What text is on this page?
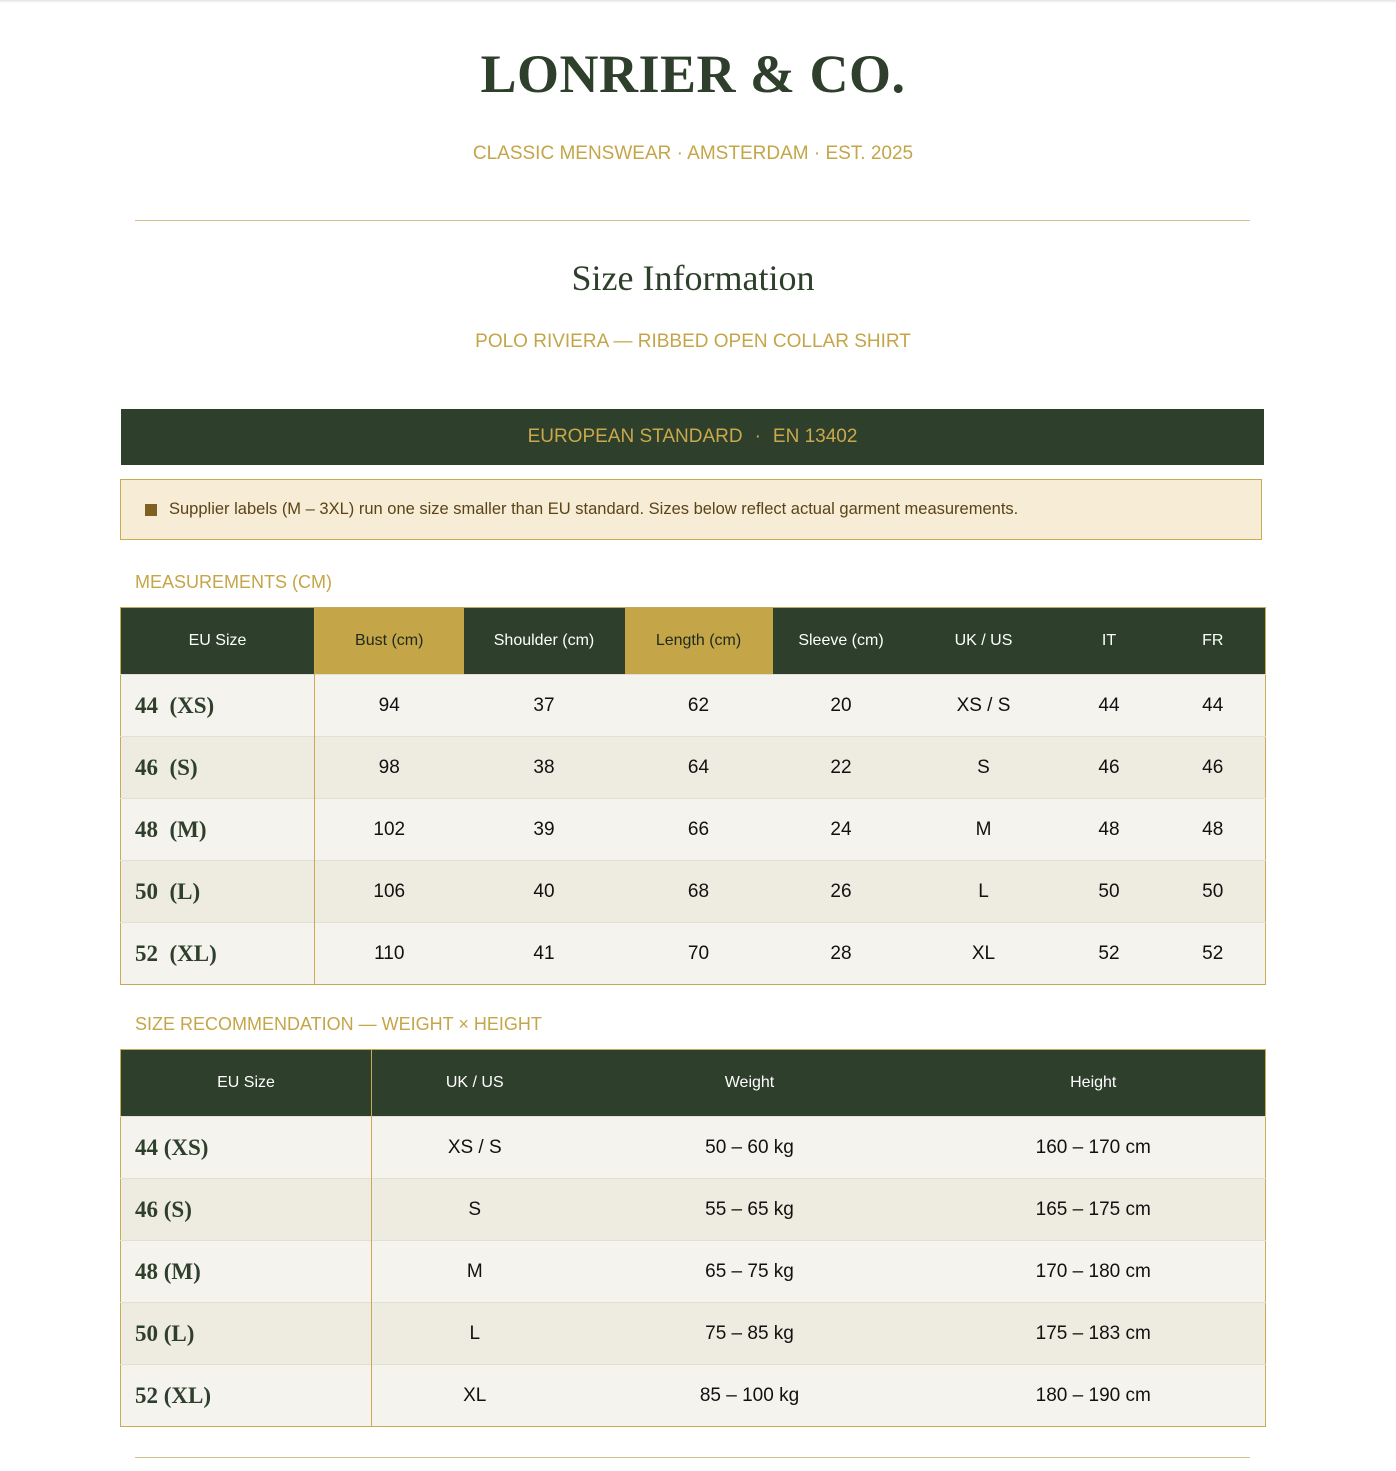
LONRIER & CO.
CLASSIC MENSWEAR · AMSTERDAM · EST. 2025
Size Information
POLO RIVIERA — RIBBED OPEN COLLAR SHIRT
EUROPEAN STANDARD · EN 13402
Supplier labels (M – 3XL) run one size smaller than EU standard. Sizes below reflect actual garment measurements.
MEASUREMENTS (CM)
EU Size	Bust (cm)	Shoulder (cm)	Length (cm)	Sleeve (cm)	UK / US	IT	FR
44  (XS)	94	37	62	20	XS / S	44	44
46  (S)	98	38	64	22	S	46	46
48  (M)	102	39	66	24	M	48	48
50  (L)	106	40	68	26	L	50	50
52  (XL)	110	41	70	28	XL	52	52
SIZE RECOMMENDATION — WEIGHT × HEIGHT
EU Size	UK / US	Weight	Height
44 (XS)	XS / S	50 – 60 kg	160 – 170 cm
46 (S)	S	55 – 65 kg	165 – 175 cm
48 (M)	M	65 – 75 kg	170 – 180 cm
50 (L)	L	75 – 85 kg	175 – 183 cm
52 (XL)	XL	85 – 100 kg	180 – 190 cm
